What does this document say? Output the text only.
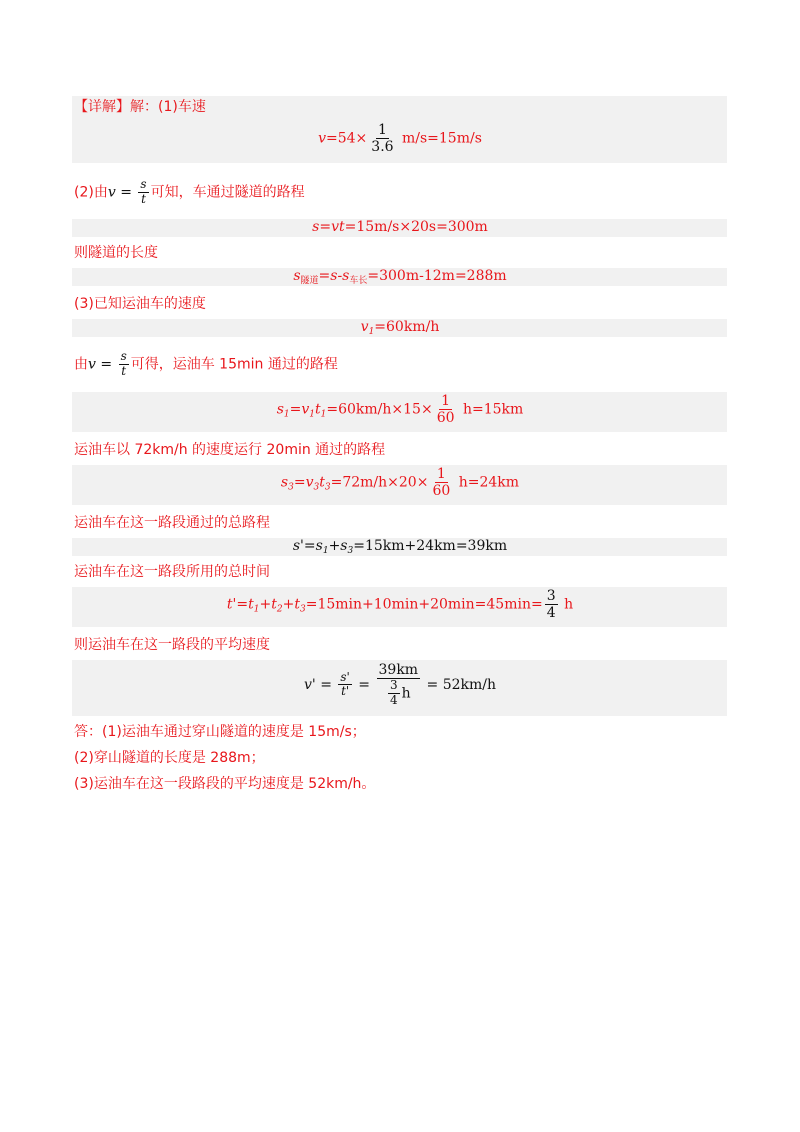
【详解】解：(1)车速
$v=54\times \frac{1}{3.6} m/s=15m/s$
(2)由$v = \frac{s}{t}$ 可知，车通过隧道的路程
s=vt=15m/s×20s=300m
则隧道的长度
$s_{隧道}=s-s_{车长}=300m-12m=288m$
(3)已知运油车的速度
$v_1=60km/h$
由$v = \frac{s}{t}$ 可得，运油车 15min 通过的路程
$s_1=v_1t_1=60km/h\times 15\times \frac{1}{60} h=15km$
运油车以 72km/h 的速度运行 20min 通过的路程
$s_3=v_3t_3=72m/h\times 20\times \frac{1}{60} h=24km$
运油车在这一路段通过的总路程
$s'=s_1+s_3=15km+24km=39km$
运油车在这一路段所用的总时间
$t'=t_1+t_2+t_3=15\min+10\min+20\min=45\min= \frac{3}{4}$ h
则运油车在这一路段的平均速度
$v' = \frac{s'}{t'} = \frac{39km}{\frac{3}{4} h} = 52km/h$
答：(1)运油车通过穿山隧道的速度是 15m/s；
(2)穿山隧道的长度是 288m；
(3)运油车在这一段路段的平均速度是 52km/h。
